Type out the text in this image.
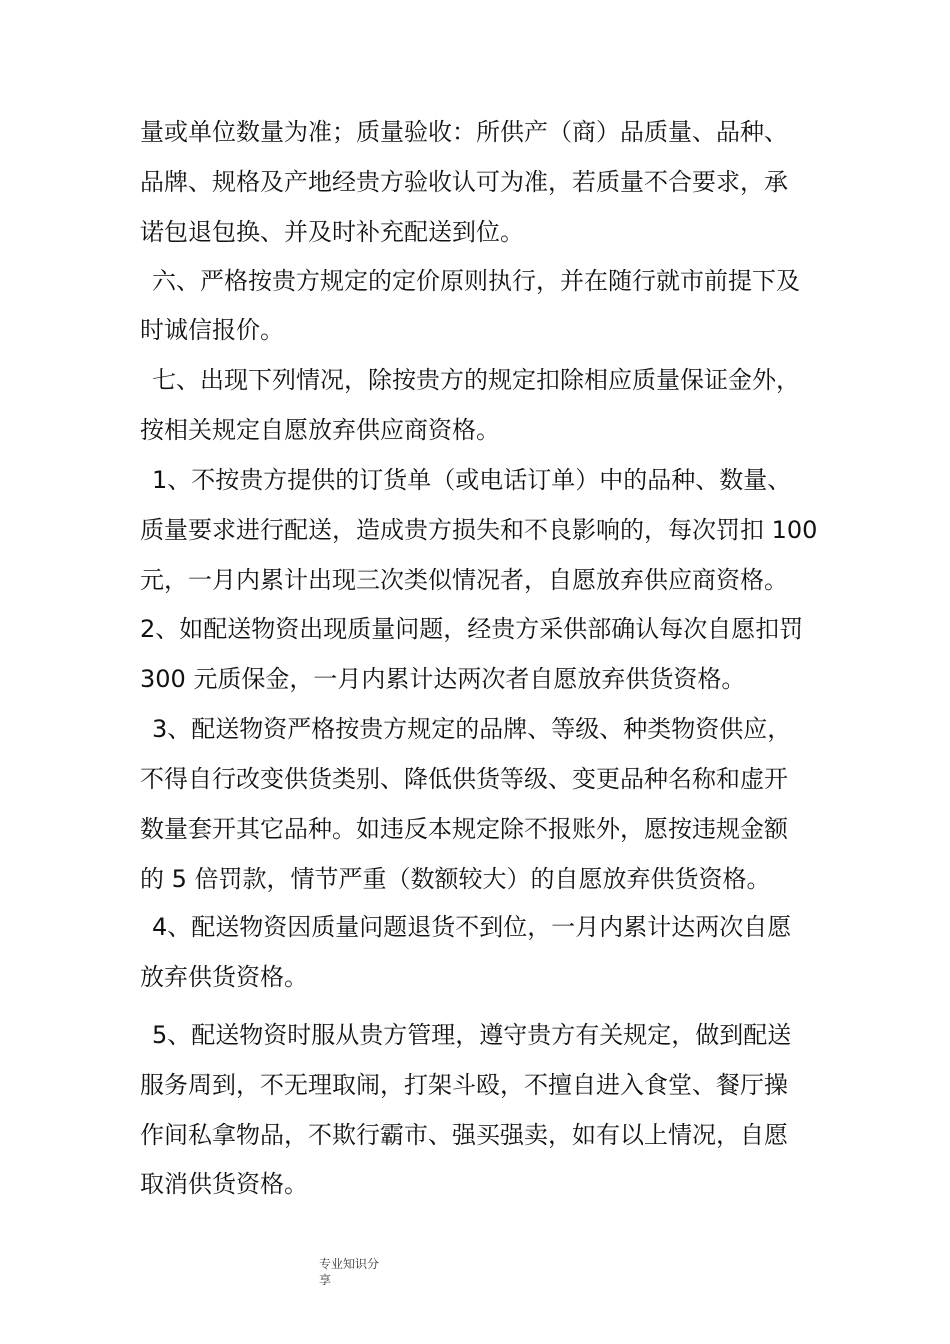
量或单位数量为准；质量验收：所供产（商）品质量、品种、
品牌、规格及产地经贵方验收认可为准，若质量不合要求，承
诺包退包换、并及时补充配送到位。
六、严格按贵方规定的定价原则执行，并在随行就市前提下及
时诚信报价。
七、出现下列情况，除按贵方的规定扣除相应质量保证金外，
按相关规定自愿放弃供应商资格。
1、不按贵方提供的订货单（或电话订单）中的品种、数量、
质量要求进行配送，造成贵方损失和不良影响的，每次罚扣 100
元，一月内累计出现三次类似情况者，自愿放弃供应商资格。
2、如配送物资出现质量问题，经贵方采供部确认每次自愿扣罚
300 元质保金，一月内累计达两次者自愿放弃供货资格。
3、配送物资严格按贵方规定的品牌、等级、种类物资供应，
不得自行改变供货类别、降低供货等级、变更品种名称和虚开
数量套开其它品种。如违反本规定除不报账外，愿按违规金额
的 5 倍罚款，情节严重（数额较大）的自愿放弃供货资格。
4、配送物资因质量问题退货不到位，一月内累计达两次自愿
放弃供货资格。
5、配送物资时服从贵方管理，遵守贵方有关规定，做到配送
服务周到，不无理取闹，打架斗殴，不擅自进入食堂、餐厅操
作间私拿物品，不欺行霸市、强买强卖，如有以上情况，自愿
取消供货资格。
专业知识分
享
